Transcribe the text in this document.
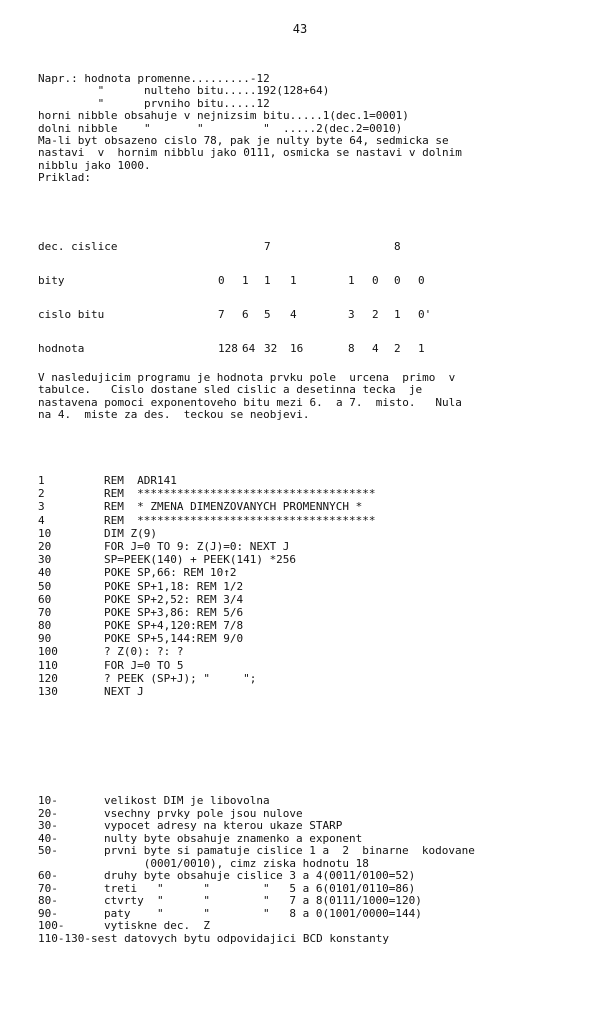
43
Napr.: hodnota promenne.........-12
"      nulteho bitu.....192(128+64)
"      prvniho bitu.....12
horni nibble obsahuje v nejnizsim bitu.....1(dec.1=0001)
dolni nibble    "       "         "  .....2(dec.2=0010)
Ma-li byt obsazeno cislo 78, pak je nulty byte 64, sedmicka se
nastavi  v  hornim nibblu jako 0111, osmicka se nastavi v dolnim
nibblu jako 1000.
Priklad:
dec. cislice	7	8
bity	0 1 1 1	1 0 0 0
cislo bitu	7 6 5 4	3 2 1 0'
hodnota	128 64 32 16	8 4 2 1
V nasledujicim programu je hodnota prvku pole  urcena  primo  v
tabulce.   Cislo dostane sled cislic a desetinna tecka  je
nastavena pomoci exponentoveho bitu mezi 6.  a 7.  misto.   Nula
na 4.  miste za des.  teckou se neobjevi.
1	REM  ADR141
2	REM  ************************************
3	REM  * ZMENA DIMENZOVANYCH PROMENNYCH *
4	REM  ************************************
10	DIM Z(9)
20	FOR J=0 TO 9: Z(J)=0: NEXT J
30	SP=PEEK(140) + PEEK(141) *256
40	POKE SP,66: REM 10↑2
50	POKE SP+1,18: REM 1/2
60	POKE SP+2,52: REM 3/4
70	POKE SP+3,86: REM 5/6
80	POKE SP+4,120:REM 7/8
90	POKE SP+5,144:REM 9/0
100	? Z(0): ?: ?
110	FOR J=0 TO 5
120	? PEEK (SP+J); "     ";
130	NEXT J
10-	velikost DIM je libovolna
20-	vsechny prvky pole jsou nulove
30-	vypocet adresy na kterou ukaze STARP
40-	nulty byte obsahuje znamenko a exponent
50-	prvni byte si pamatuje cislice 1 a  2  binarne  kodovane
(0001/0010), cimz ziska hodnotu 18
60-	druhy byte obsahuje cislice 3 a 4(0011/0100=52)
70-	treti   "      "        "   5 a 6(0101/0110=86)
80-	ctvrty  "      "        "   7 a 8(0111/1000=120)
90-	paty    "      "        "   8 a 0(1001/0000=144)
100-	vytiskne dec.  Z
110-130-sest datovych bytu odpovidajici BCD konstanty
